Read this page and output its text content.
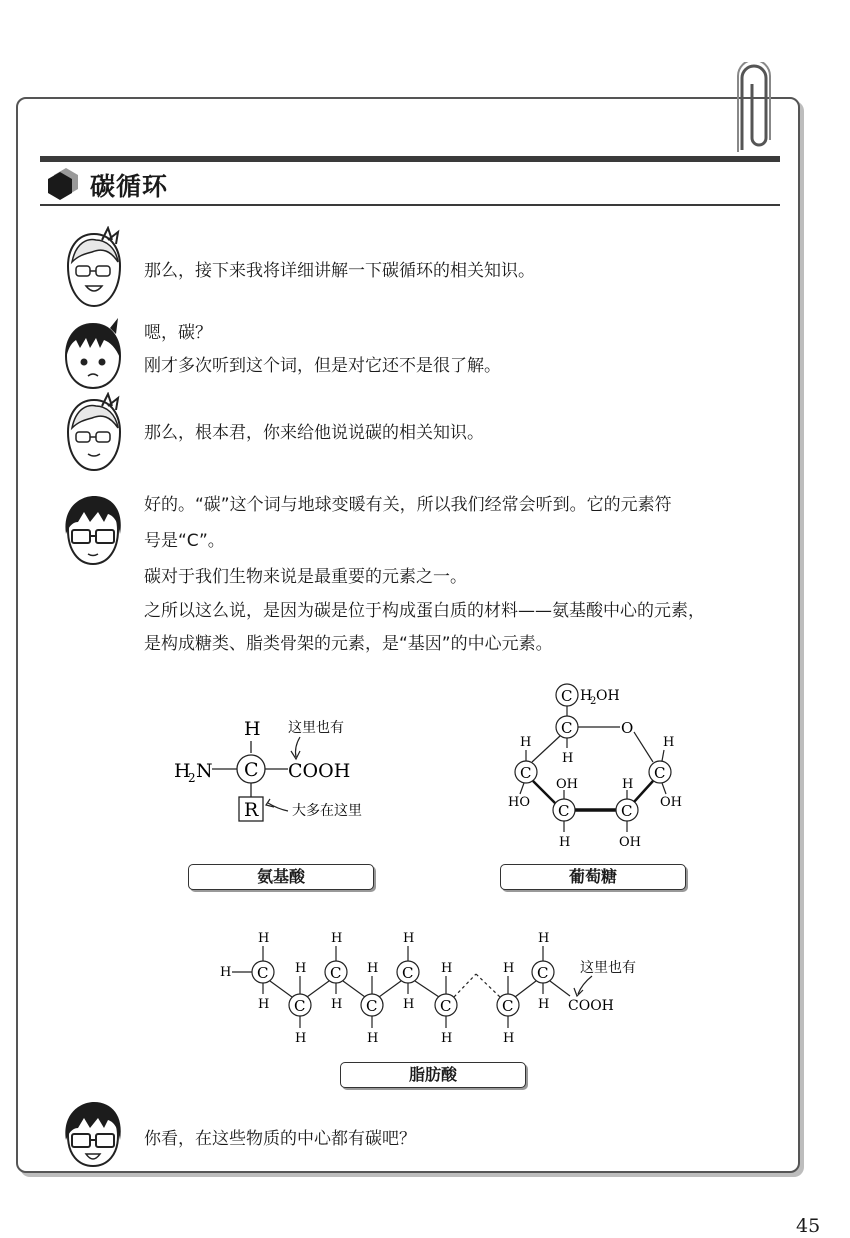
碳循环
那么，接下来我将详细讲解一下碳循环的相关知识。
嗯，碳？
刚才多次听到这个词，但是对它还不是很了解。
那么，根本君，你来给他说说碳的相关知识。
好的。“碳”这个词与地球变暖有关，所以我们经常会听到。它的元素符
号是“C”。
碳对于我们生物来说是最重要的元素之一。
之所以这么说，是因为碳是位于构成蛋白质的材料——氨基酸中心的元素，
是构成糖类、脂类骨架的元素，是“基因”的中心元素。
H
H
2 N C COOH
R
这里也有
大多在这里
氨基酸
C H
2 OH
C
H
O
C
H
HO
C
H
OH
C	C
OH
H
H
OH
葡萄糖
H C
H
H C
H
H
C
H
H C
H
H
C
H
H C
H
H
C
H
H
C
H
H COOH
这里也有
脂肪酸
你看，在这些物质的中心都有碳吧？
45
